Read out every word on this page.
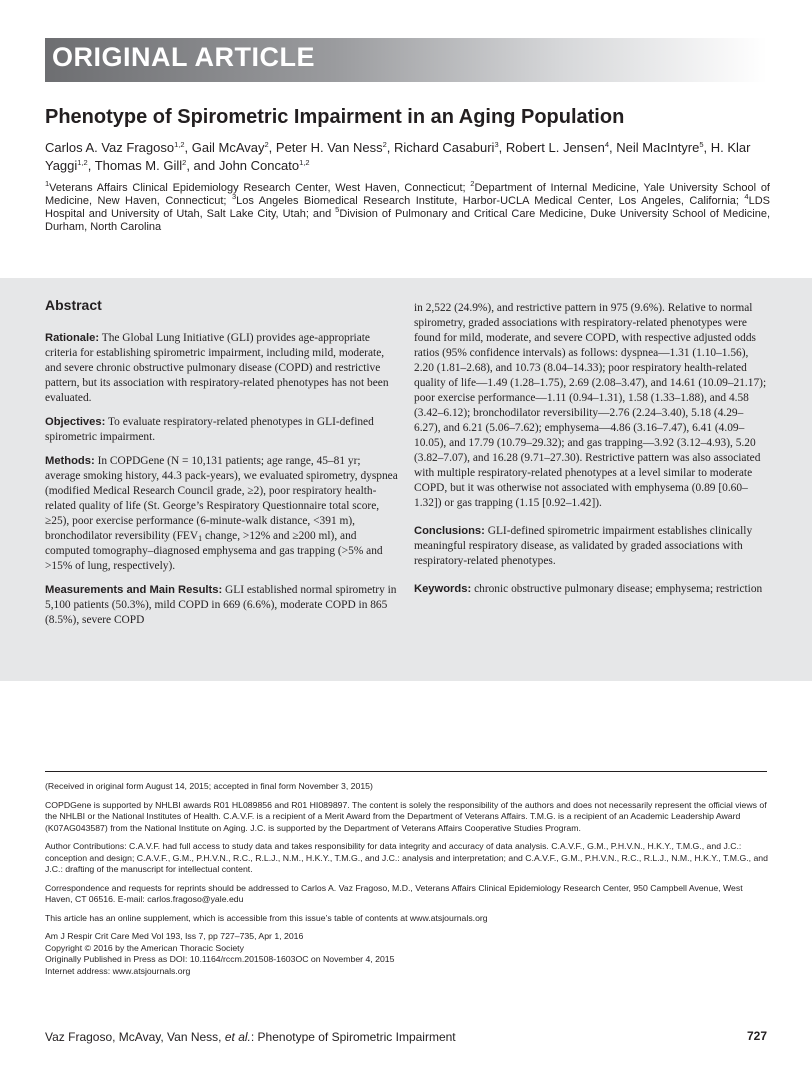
ORIGINAL ARTICLE
Phenotype of Spirometric Impairment in an Aging Population
Carlos A. Vaz Fragoso$^{1,2}$, Gail McAvay$^2$, Peter H. Van Ness$^2$, Richard Casaburi$^3$, Robert L. Jensen$^4$, Neil MacIntyre$^5$, H. Klar Yaggi$^{1,2}$, Thomas M. Gill$^2$, and John Concato$^{1,2}$
$^1$Veterans Affairs Clinical Epidemiology Research Center, West Haven, Connecticut; $^2$Department of Internal Medicine, Yale University School of Medicine, New Haven, Connecticut; $^3$Los Angeles Biomedical Research Institute, Harbor-UCLA Medical Center, Los Angeles, California; $^4$LDS Hospital and University of Utah, Salt Lake City, Utah; and $^5$Division of Pulmonary and Critical Care Medicine, Duke University School of Medicine, Durham, North Carolina
Abstract

Rationale: The Global Lung Initiative (GLI) provides age-appropriate criteria for establishing spirometric impairment, including mild, moderate, and severe chronic obstructive pulmonary disease (COPD) and restrictive pattern, but its association with respiratory-related phenotypes has not been evaluated.

Objectives: To evaluate respiratory-related phenotypes in GLI-defined spirometric impairment.

Methods: In COPDGene (N = 10,131 patients; age range, 45–81 yr; average smoking history, 44.3 pack-years), we evaluated spirometry, dyspnea (modified Medical Research Council grade, ≥2), poor respiratory health-related quality of life (St. George’s Respiratory Questionnaire total score, ≥25), poor exercise performance (6-minute-walk distance, <391 m), bronchodilator reversibility ($FEV_1$ change, >12% and ≥200 ml), and computed tomography–diagnosed emphysema and gas trapping (>5% and >15% of lung, respectively).

Measurements and Main Results: GLI established normal spirometry in 5,100 patients (50.3%), mild COPD in 669 (6.6%), moderate COPD in 865 (8.5%), severe COPD

in 2,522 (24.9%), and restrictive pattern in 975 (9.6%). Relative to normal spirometry, graded associations with respiratory-related phenotypes were found for mild, moderate, and severe COPD, with respective adjusted odds ratios (95% confidence intervals) as follows: dyspnea—1.31 (1.10–1.56), 2.20 (1.81–2.68), and 10.73 (8.04–14.33); poor respiratory health-related quality of life—1.49 (1.28–1.75), 2.69 (2.08–3.47), and 14.61 (10.09–21.17); poor exercise performance—1.11 (0.94–1.31), 1.58 (1.33–1.88), and 4.58 (3.42–6.12); bronchodilator reversibility—2.76 (2.24–3.40), 5.18 (4.29–6.27), and 6.21 (5.06–7.62); emphysema—4.86 (3.16–7.47), 6.41 (4.09–10.05), and 17.79 (10.79–29.32); and gas trapping—3.92 (3.12–4.93), 5.20 (3.82–7.07), and 16.28 (9.71–27.30). Restrictive pattern was also associated with multiple respiratory-related phenotypes at a level similar to moderate COPD, but it was otherwise not associated with emphysema (0.89 [0.60–1.32]) or gas trapping (1.15 [0.92–1.42]).

Conclusions: GLI-defined spirometric impairment establishes clinically meaningful respiratory disease, as validated by graded associations with respiratory-related phenotypes.

Keywords: chronic obstructive pulmonary disease; emphysema; restriction

(Received in original form August 14, 2015; accepted in final form November 3, 2015)

COPDGene is supported by NHLBI awards R01 HL089856 and R01 HI089897. The content is solely the responsibility of the authors and does not necessarily represent the official views of the NHLBI or the National Institutes of Health. C.A.V.F. is a recipient of a Merit Award from the Department of Veterans Affairs. T.M.G. is a recipient of an Academic Leadership Award (K07AG043587) from the National Institute on Aging. J.C. is supported by the Department of Veterans Affairs Cooperative Studies Program.

Author Contributions: C.A.V.F. had full access to study data and takes responsibility for data integrity and accuracy of data analysis. C.A.V.F., G.M., P.H.V.N., H.K.Y., T.M.G., and J.C.: conception and design; C.A.V.F., G.M., P.H.V.N., R.C., R.L.J., N.M., H.K.Y., T.M.G., and J.C.: analysis and interpretation; and C.A.V.F., G.M., P.H.V.N., R.C., R.L.J., N.M., H.K.Y., T.M.G., and J.C.: drafting of the manuscript for intellectual content.

Correspondence and requests for reprints should be addressed to Carlos A. Vaz Fragoso, M.D., Veterans Affairs Clinical Epidemiology Research Center, 950 Campbell Avenue, West Haven, CT 06516. E-mail: carlos.fragoso@yale.edu

This article has an online supplement, which is accessible from this issue’s table of contents at www.atsjournals.org

Am J Respir Crit Care Med Vol 193, Iss 7, pp 727–735, Apr 1, 2016

Copyright © 2016 by the American Thoracic Society

Originally Published in Press as DOI: 10.1164/rccm.201508-1603OC on November 4, 2015

Internet address: www.atsjournals.org

Vaz Fragoso, McAvay, Van Ness, et al.: Phenotype of Spirometric Impairment	727
